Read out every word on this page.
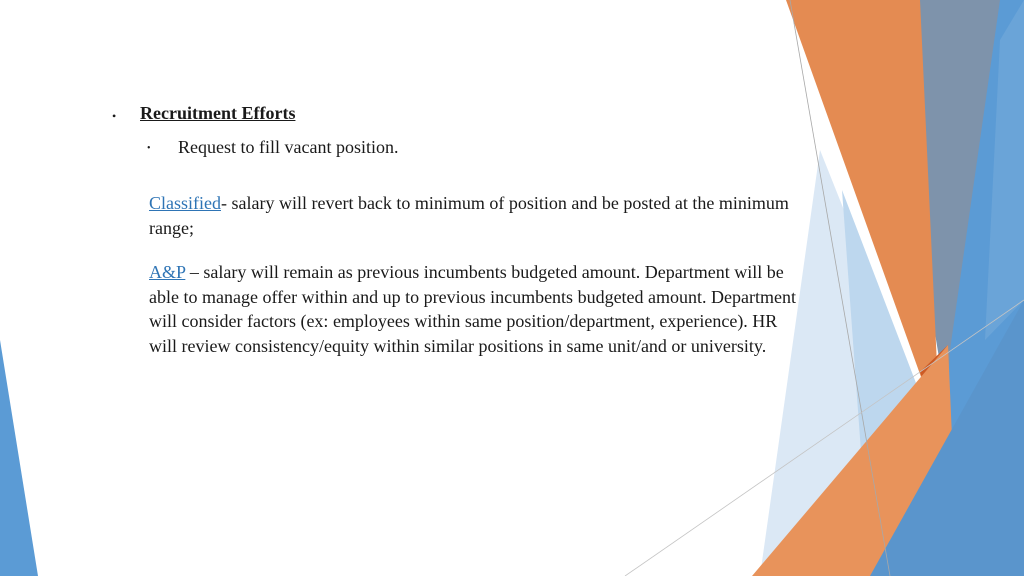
• Recruitment Efforts
• Request to fill vacant position.
Classified- salary will revert back to minimum of position and be posted at the minimum range;
A&P – salary will remain as previous incumbents budgeted amount. Department will be able to manage offer within and up to previous incumbents budgeted amount. Department will consider factors (ex: employees within same position/department, experience). HR will review consistency/equity within similar positions in same unit/and or university.
